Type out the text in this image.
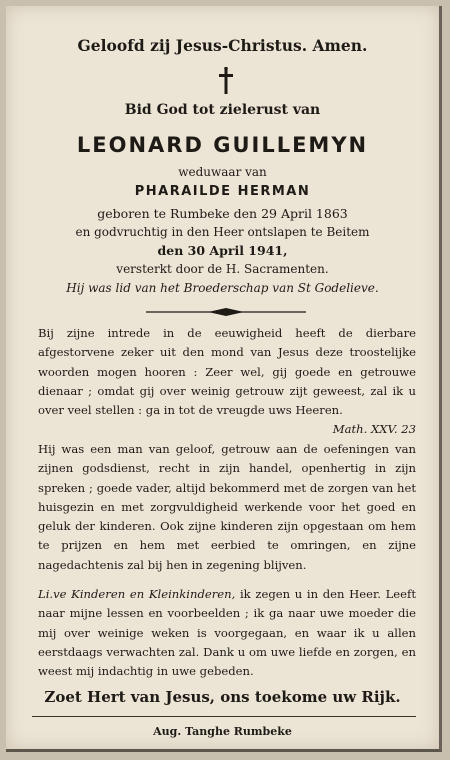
Geloofd zij Jesus-Christus. Amen.
Bid God tot zielerust van
LEONARD GUILLEMYN
weduwaar van
PHARAILDE HERMAN
geboren te Rumbeke den 29 April 1863
en godvruchtig in den Heer ontslapen te Beitem
den 30 April 1941,
versterkt door de H. Sacramenten.
Hij was lid van het Broederschap van St Godelieve.

Bij zijne intrede in de eeuwigheid heeft de dierbare afgestorvene zeker uit den mond van Jesus deze troostelijke woorden mogen hooren : Zeer wel, gij goede en getrouwe dienaar ; omdat gij over weinig getrouw zijt geweest, zal ik u over veel stellen : ga in tot de vreugde uws Heeren.

Math. XXV. 23

Hij was een man van geloof, getrouw aan de oefeningen van zijnen godsdienst, recht in zijn handel, openhertig in zijn spreken ; goede vader, altijd bekommerd met de zorgen van het huisgezin en met zorgvuldigheid werkende voor het goed en geluk der kinderen. Ook zijne kinderen zijn opgestaan om hem te prijzen en hem met eerbied te omringen, en zijne nagedachtenis zal bij hen in zegening blijven.

Li.ve Kinderen en Kleinkinderen, ik zegen u in den Heer. Leeft naar mijne lessen en voorbeelden ; ik ga naar uwe moeder die mij over weinige weken is voorgegaan, en waar ik u allen eerstdaags verwachten zal. Dank u om uwe liefde en zorgen, en weest mij indachtig in uwe gebeden.

Zoet Hert van Jesus, ons toekome uw Rijk.
Aug. Tanghe Rumbeke
